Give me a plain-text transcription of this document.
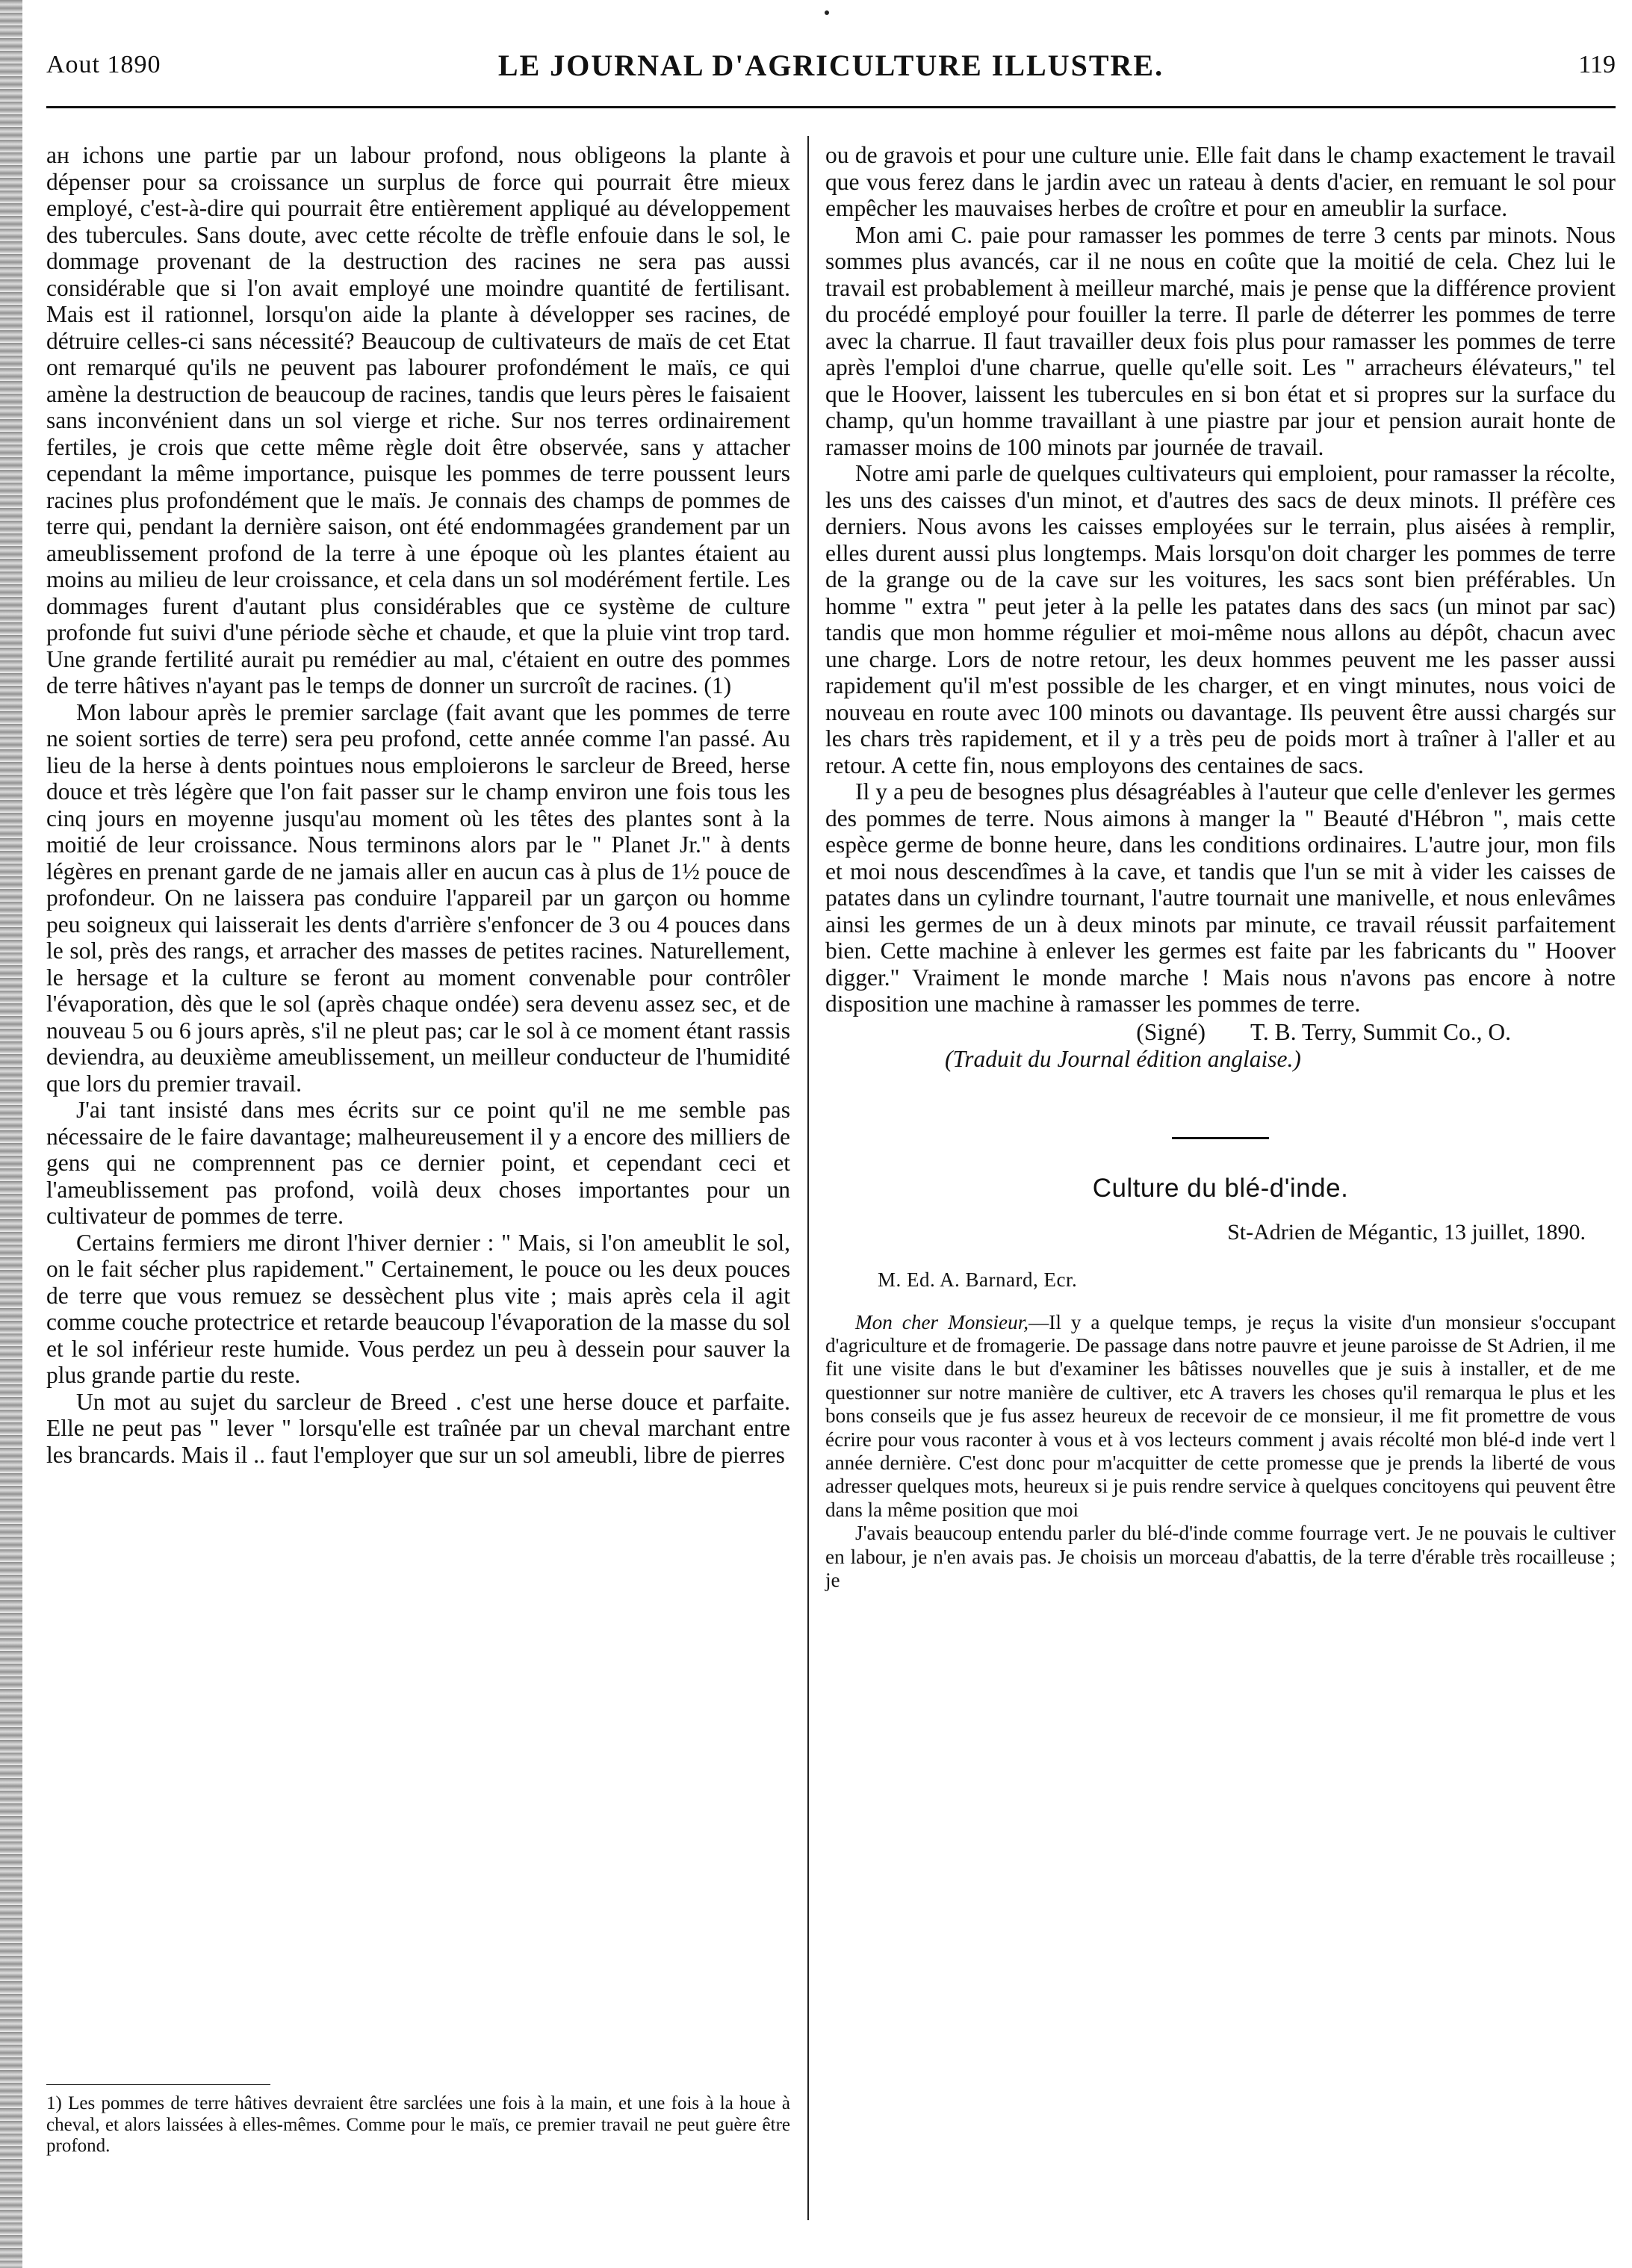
Aout 1890	LE JOURNAL D'AGRICULTURE ILLUSTRE.	119

ан ichons une partie par un labour profond, nous obligeons la plante à dépenser pour sa croissance un surplus de force qui pourrait être mieux employé, c'est-à-dire qui pourrait être entièrement appliqué au développement des tubercules. Sans doute, avec cette récolte de trèfle enfouie dans le sol, le dommage provenant de la destruction des racines ne sera pas aussi considérable que si l'on avait employé une moindre quantité de fertilisant. Mais est il rationnel, lorsqu'on aide la plante à développer ses racines, de détruire celles-ci sans nécessité? Beaucoup de cultivateurs de maïs de cet Etat ont remarqué qu'ils ne peuvent pas labourer profondément le maïs, ce qui amène la destruction de beaucoup de racines, tandis que leurs pères le faisaient sans inconvénient dans un sol vierge et riche. Sur nos terres ordinairement fertiles, je crois que cette même règle doit être observée, sans y attacher cependant la même importance, puisque les pommes de terre poussent leurs racines plus profondément que le maïs. Je connais des champs de pommes de terre qui, pendant la dernière saison, ont été endommagées grandement par un ameublissement profond de la terre à une époque où les plantes étaient au moins au milieu de leur croissance, et cela dans un sol modérément fertile. Les dommages furent d'autant plus considérables que ce système de culture profonde fut suivi d'une période sèche et chaude, et que la pluie vint trop tard. Une grande fertilité aurait pu remédier au mal, c'étaient en outre des pommes de terre hâtives n'ayant pas le temps de donner un surcroît de racines. (1)

Mon labour après le premier sarclage (fait avant que les pommes de terre ne soient sorties de terre) sera peu profond, cette année comme l'an passé. Au lieu de la herse à dents pointues nous emploierons le sarcleur de Breed, herse douce et très légère que l'on fait passer sur le champ environ une fois tous les cinq jours en moyenne jusqu'au moment où les têtes des plantes sont à la moitié de leur croissance. Nous terminons alors par le " Planet Jr." à dents légères en prenant garde de ne jamais aller en aucun cas à plus de 1½ pouce de profondeur. On ne laissera pas conduire l'appareil par un garçon ou homme peu soigneux qui laisserait les dents d'arrière s'enfoncer de 3 ou 4 pouces dans le sol, près des rangs, et arracher des masses de petites racines. Naturellement, le hersage et la culture se feront au moment convenable pour contrôler l'évaporation, dès que le sol (après chaque ondée) sera devenu assez sec, et de nouveau 5 ou 6 jours après, s'il ne pleut pas; car le sol à ce moment étant rassis deviendra, au deuxième ameublissement, un meilleur conducteur de l'humidité que lors du premier travail.

J'ai tant insisté dans mes écrits sur ce point qu'il ne me semble pas nécessaire de le faire davantage; malheureusement il y a encore des milliers de gens qui ne comprennent pas ce dernier point, et cependant ceci et l'ameublissement pas profond, voilà deux choses importantes pour un cultivateur de pommes de terre.

Certains fermiers me diront l'hiver dernier : " Mais, si l'on ameublit le sol, on le fait sécher plus rapidement." Certainement, le pouce ou les deux pouces de terre que vous remuez se dessèchent plus vite ; mais après cela il agit comme couche protectrice et retarde beaucoup l'évaporation de la masse du sol et le sol inférieur reste humide. Vous perdez un peu à dessein pour sauver la plus grande partie du reste.

Un mot au sujet du sarcleur de Breed . c'est une herse douce et parfaite. Elle ne peut pas " lever " lorsqu'elle est traînée par un cheval marchant entre les brancards. Mais il .. faut l'employer que sur un sol ameubli, libre de pierres

1) Les pommes de terre hâtives devraient être sarclées une fois à la main, et une fois à la houe à cheval, et alors laissées à elles-mêmes. Comme pour le maïs, ce premier travail ne peut guère être profond.

ou de gravois et pour une culture unie. Elle fait dans le champ exactement le travail que vous ferez dans le jardin avec un rateau à dents d'acier, en remuant le sol pour empêcher les mauvaises herbes de croître et pour en ameublir la surface.

Mon ami C. paie pour ramasser les pommes de terre 3 cents par minots. Nous sommes plus avancés, car il ne nous en coûte que la moitié de cela. Chez lui le travail est probablement à meilleur marché, mais je pense que la différence provient du procédé employé pour fouiller la terre. Il parle de déterrer les pommes de terre avec la charrue. Il faut travailler deux fois plus pour ramasser les pommes de terre après l'emploi d'une charrue, quelle qu'elle soit. Les " arracheurs élévateurs," tel que le Hoover, laissent les tubercules en si bon état et si propres sur la surface du champ, qu'un homme travaillant à une piastre par jour et pension aurait honte de ramasser moins de 100 minots par journée de travail.

Notre ami parle de quelques cultivateurs qui emploient, pour ramasser la récolte, les uns des caisses d'un minot, et d'autres des sacs de deux minots. Il préfère ces derniers. Nous avons les caisses employées sur le terrain, plus aisées à remplir, elles durent aussi plus longtemps. Mais lorsqu'on doit charger les pommes de terre de la grange ou de la cave sur les voitures, les sacs sont bien préférables. Un homme " extra " peut jeter à la pelle les patates dans des sacs (un minot par sac) tandis que mon homme régulier et moi-même nous allons au dépôt, chacun avec une charge. Lors de notre retour, les deux hommes peuvent me les passer aussi rapidement qu'il m'est possible de les charger, et en vingt minutes, nous voici de nouveau en route avec 100 minots ou davantage. Ils peuvent être aussi chargés sur les chars très rapidement, et il y a très peu de poids mort à traîner à l'aller et au retour. A cette fin, nous employons des centaines de sacs.

Il y a peu de besognes plus désagréables à l'auteur que celle d'enlever les germes des pommes de terre. Nous aimons à manger la " Beauté d'Hébron ", mais cette espèce germe de bonne heure, dans les conditions ordinaires. L'autre jour, mon fils et moi nous descendîmes à la cave, et tandis que l'un se mit à vider les caisses de patates dans un cylindre tournant, l'autre tournait une manivelle, et nous enlevâmes ainsi les germes de un à deux minots par minute, ce travail réussit parfaitement bien. Cette machine à enlever les germes est faite par les fabricants du " Hoover digger." Vraiment le monde marche ! Mais nous n'avons pas encore à notre disposition une machine à ramasser les pommes de terre.

(Signé) T. B. Terry, Summit Co., O.
(Traduit du Journal édition anglaise.)
Culture du blé-d'inde.
St-Adrien de Mégantic, 13 juillet, 1890.
M. Ed. A. Barnard, Ecr.

Mon cher Monsieur,—Il y a quelque temps, je reçus la visite d'un monsieur s'occupant d'agriculture et de fromagerie. De passage dans notre pauvre et jeune paroisse de St Adrien, il me fit une visite dans le but d'examiner les bâtisses nouvelles que je suis à installer, et de me questionner sur notre manière de cultiver, etc A travers les choses qu'il remarqua le plus et les bons conseils que je fus assez heureux de recevoir de ce monsieur, il me fit promettre de vous écrire pour vous raconter à vous et à vos lecteurs comment j avais récolté mon blé-d inde vert l année dernière. C'est donc pour m'acquitter de cette promesse que je prends la liberté de vous adresser quelques mots, heureux si je puis rendre service à quelques concitoyens qui peuvent être dans la même position que moi

J'avais beaucoup entendu parler du blé-d'inde comme fourrage vert. Je ne pouvais le cultiver en labour, je n'en avais pas. Je choisis un morceau d'abattis, de la terre d'érable très rocailleuse ; je
